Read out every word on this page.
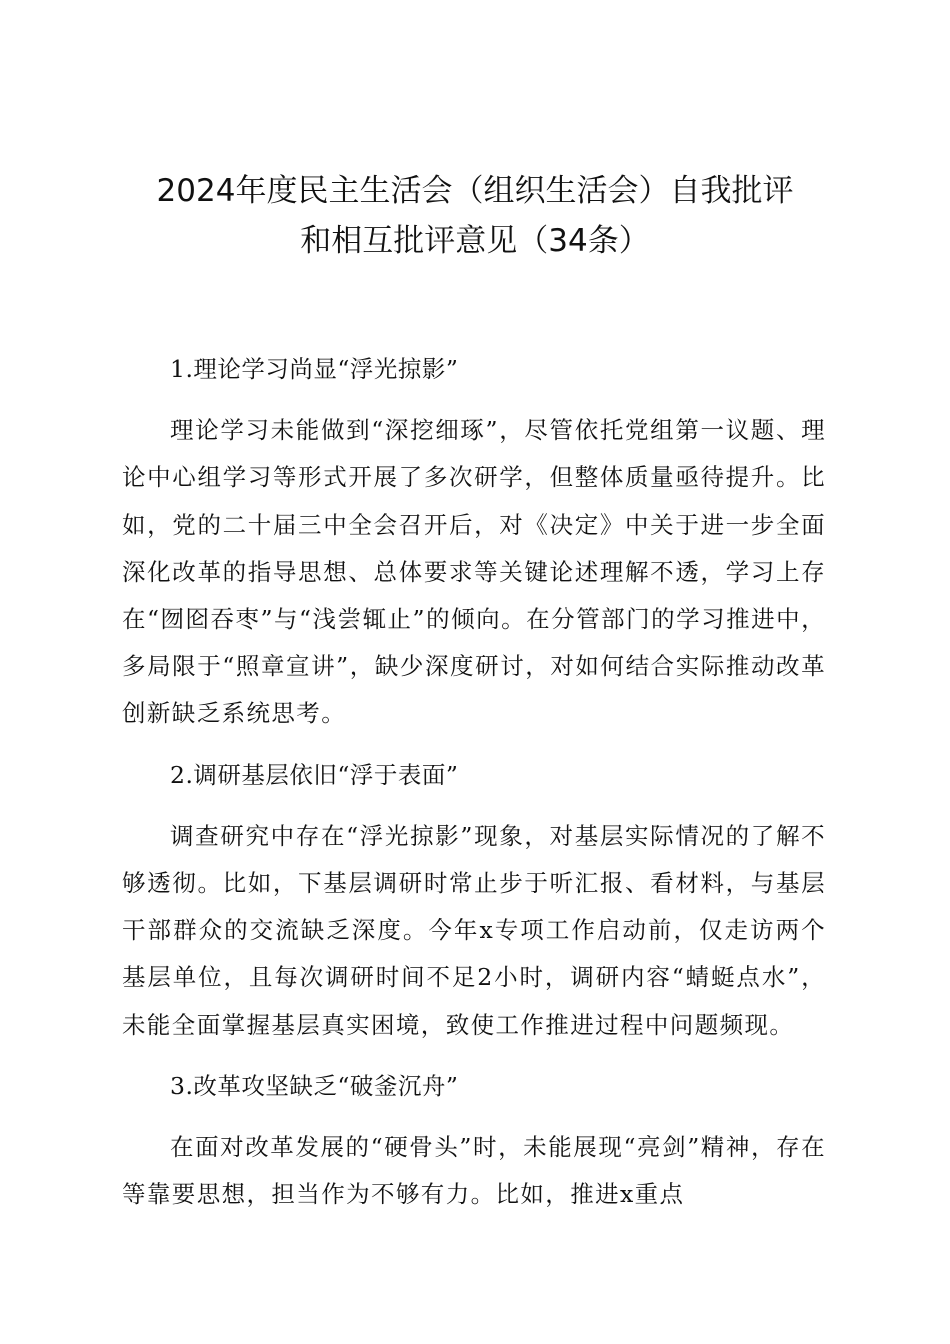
2024年度民主生活会（组织生活会）自我批评
和相互批评意见（34条）

1.理论学习尚显“浮光掠影”

理论学习未能做到“深挖细琢”，尽管依托党组第一议题、理论中心组学习等形式开展了多次研学，但整体质量亟待提升。比如，党的二十届三中全会召开后，对《决定》中关于进一步全面深化改革的指导思想、总体要求等关键论述理解不透，学习上存在“囫囵吞枣”与“浅尝辄止”的倾向。在分管部门的学习推进中，多局限于“照章宣讲”，缺少深度研讨，对如何结合实际推动改革创新缺乏系统思考。

2.调研基层依旧“浮于表面”

调查研究中存在“浮光掠影”现象，对基层实际情况的了解不够透彻。比如，下基层调研时常止步于听汇报、看材料，与基层干部群众的交流缺乏深度。今年x专项工作启动前，仅走访两个基层单位，且每次调研时间不足2小时，调研内容“蜻蜓点水”，未能全面掌握基层真实困境，致使工作推进过程中问题频现。

3.改革攻坚缺乏“破釜沉舟”

在面对改革发展的“硬骨头”时，未能展现“亮剑”精神，存在等靠要思想，担当作为不够有力。比如，推进x重点
